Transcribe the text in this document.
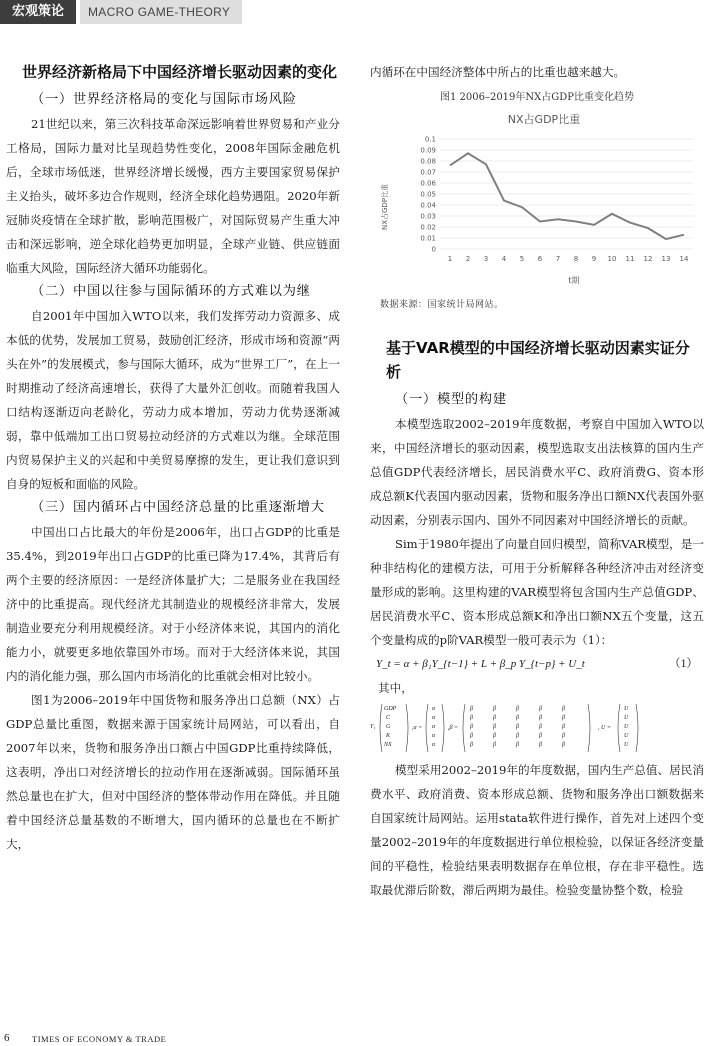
宏观策论	MACRO GAME-THEORY
世界经济新格局下中国经济增长驱动因素的变化
（一）世界经济格局的变化与国际市场风险

21世纪以来，第三次科技革命深远影响着世界贸易和产业分工格局，国际力量对比呈现趋势性变化，2008年国际金融危机后，全球市场低迷，世界经济增长缓慢，西方主要国家贸易保护主义抬头，破坏多边合作规则，经济全球化趋势遇阻。2020年新冠肺炎疫情在全球扩散，影响范围极广，对国际贸易产生重大冲击和深远影响，逆全球化趋势更加明显，全球产业链、供应链面临重大风险，国际经济大循环功能弱化。

（二）中国以往参与国际循环的方式难以为继

自2001年中国加入WTO以来，我们发挥劳动力资源多、成本低的优势，发展加工贸易，鼓励创汇经济，形成市场和资源“两头在外”的发展模式，参与国际大循环，成为“世界工厂”，在上一时期推动了经济高速增长，获得了大量外汇创收。而随着我国人口结构逐渐迈向老龄化，劳动力成本增加，劳动力优势逐渐减弱，靠中低端加工出口贸易拉动经济的方式难以为继。全球范围内贸易保护主义的兴起和中美贸易摩擦的发生，更让我们意识到自身的短板和面临的风险。

（三）国内循环占中国经济总量的比重逐渐增大

中国出口占比最大的年份是2006年，出口占GDP的比重是35.4%，到2019年出口占GDP的比重已降为17.4%，其背后有两个主要的经济原因：一是经济体量扩大；二是服务业在我国经济中的比重提高。现代经济尤其制造业的规模经济非常大，发展制造业要充分利用规模经济。对于小经济体来说，其国内的消化能力小，就要更多地依靠国外市场。而对于大经济体来说，其国内的消化能力强，那么国内市场消化的比重就会相对比较小。

图1为2006–2019年中国货物和服务净出口总额（NX）占GDP总量比重图，数据来源于国家统计局网站，可以看出，自2007年以来，货物和服务净出口额占中国GDP比重持续降低，这表明，净出口对经济增长的拉动作用在逐渐减弱。国际循环虽然总量也在扩大，但对中国经济的整体带动作用在降低。并且随着中国经济总量基数的不断增大，国内循环的总量也在不断扩大，

内循环在中国经济整体中所占的比重也越来越大。

图1 2006–2019年NX占GDP比重变化趋势
NX占GDP比重
0
0.01
0.02
0.03
0.04
0.05
0.06
0.07
0.08
0.09
0.1
1 2 3 4 5 6 7 8 9 10 11 12 13 14
t期
NX占GDP比重
数据来源：国家统计局网站。
基于VAR模型的中国经济增长驱动因素实证分析
（一）模型的构建

本模型选取2002–2019年度数据，考察自中国加入WTO以来，中国经济增长的驱动因素，模型选取支出法核算的国内生产总值GDP代表经济增长，居民消费水平C、政府消费G、资本形成总额K代表国内驱动因素，货物和服务净出口额NX代表国外驱动因素，分别表示国内、国外不同因素对中国经济增长的贡献。

Sim于1980年提出了向量自回归模型，简称VAR模型，是一种非结构化的建模方法，可用于分析解释各种经济冲击对经济变量形成的影响。这里构建的VAR模型将包含国内生产总值GDP、居民消费水平C、资本形成总额K和净出口额NX五个变量，这五个变量构成的p阶VAR模型一般可表示为（1）：

Y_t = α + β₁Y_{t−1} + L + β_p Y_{t−p} + U_t	（1）

其中，

Y t
GDP
C
G
K
NX
,α =
α
α
α
α
α
,β =
β	β	β	β	β
β	β	β	β	β
β	β	β	β	β
β	β	β	β	β
β	β	β	β	β
, U =
U
U
U
U
U

模型采用2002–2019年的年度数据，国内生产总值、居民消费水平、政府消费、资本形成总额、货物和服务净出口额数据来自国家统计局网站。运用stata软件进行操作，首先对上述四个变量2002–2019年的年度数据进行单位根检验，以保证各经济变量间的平稳性，检验结果表明数据存在单位根，存在非平稳性。选取最优滞后阶数，滞后两期为最佳。检验变量协整个数，检验

6	TIMES OF ECONOMY & TRADE
